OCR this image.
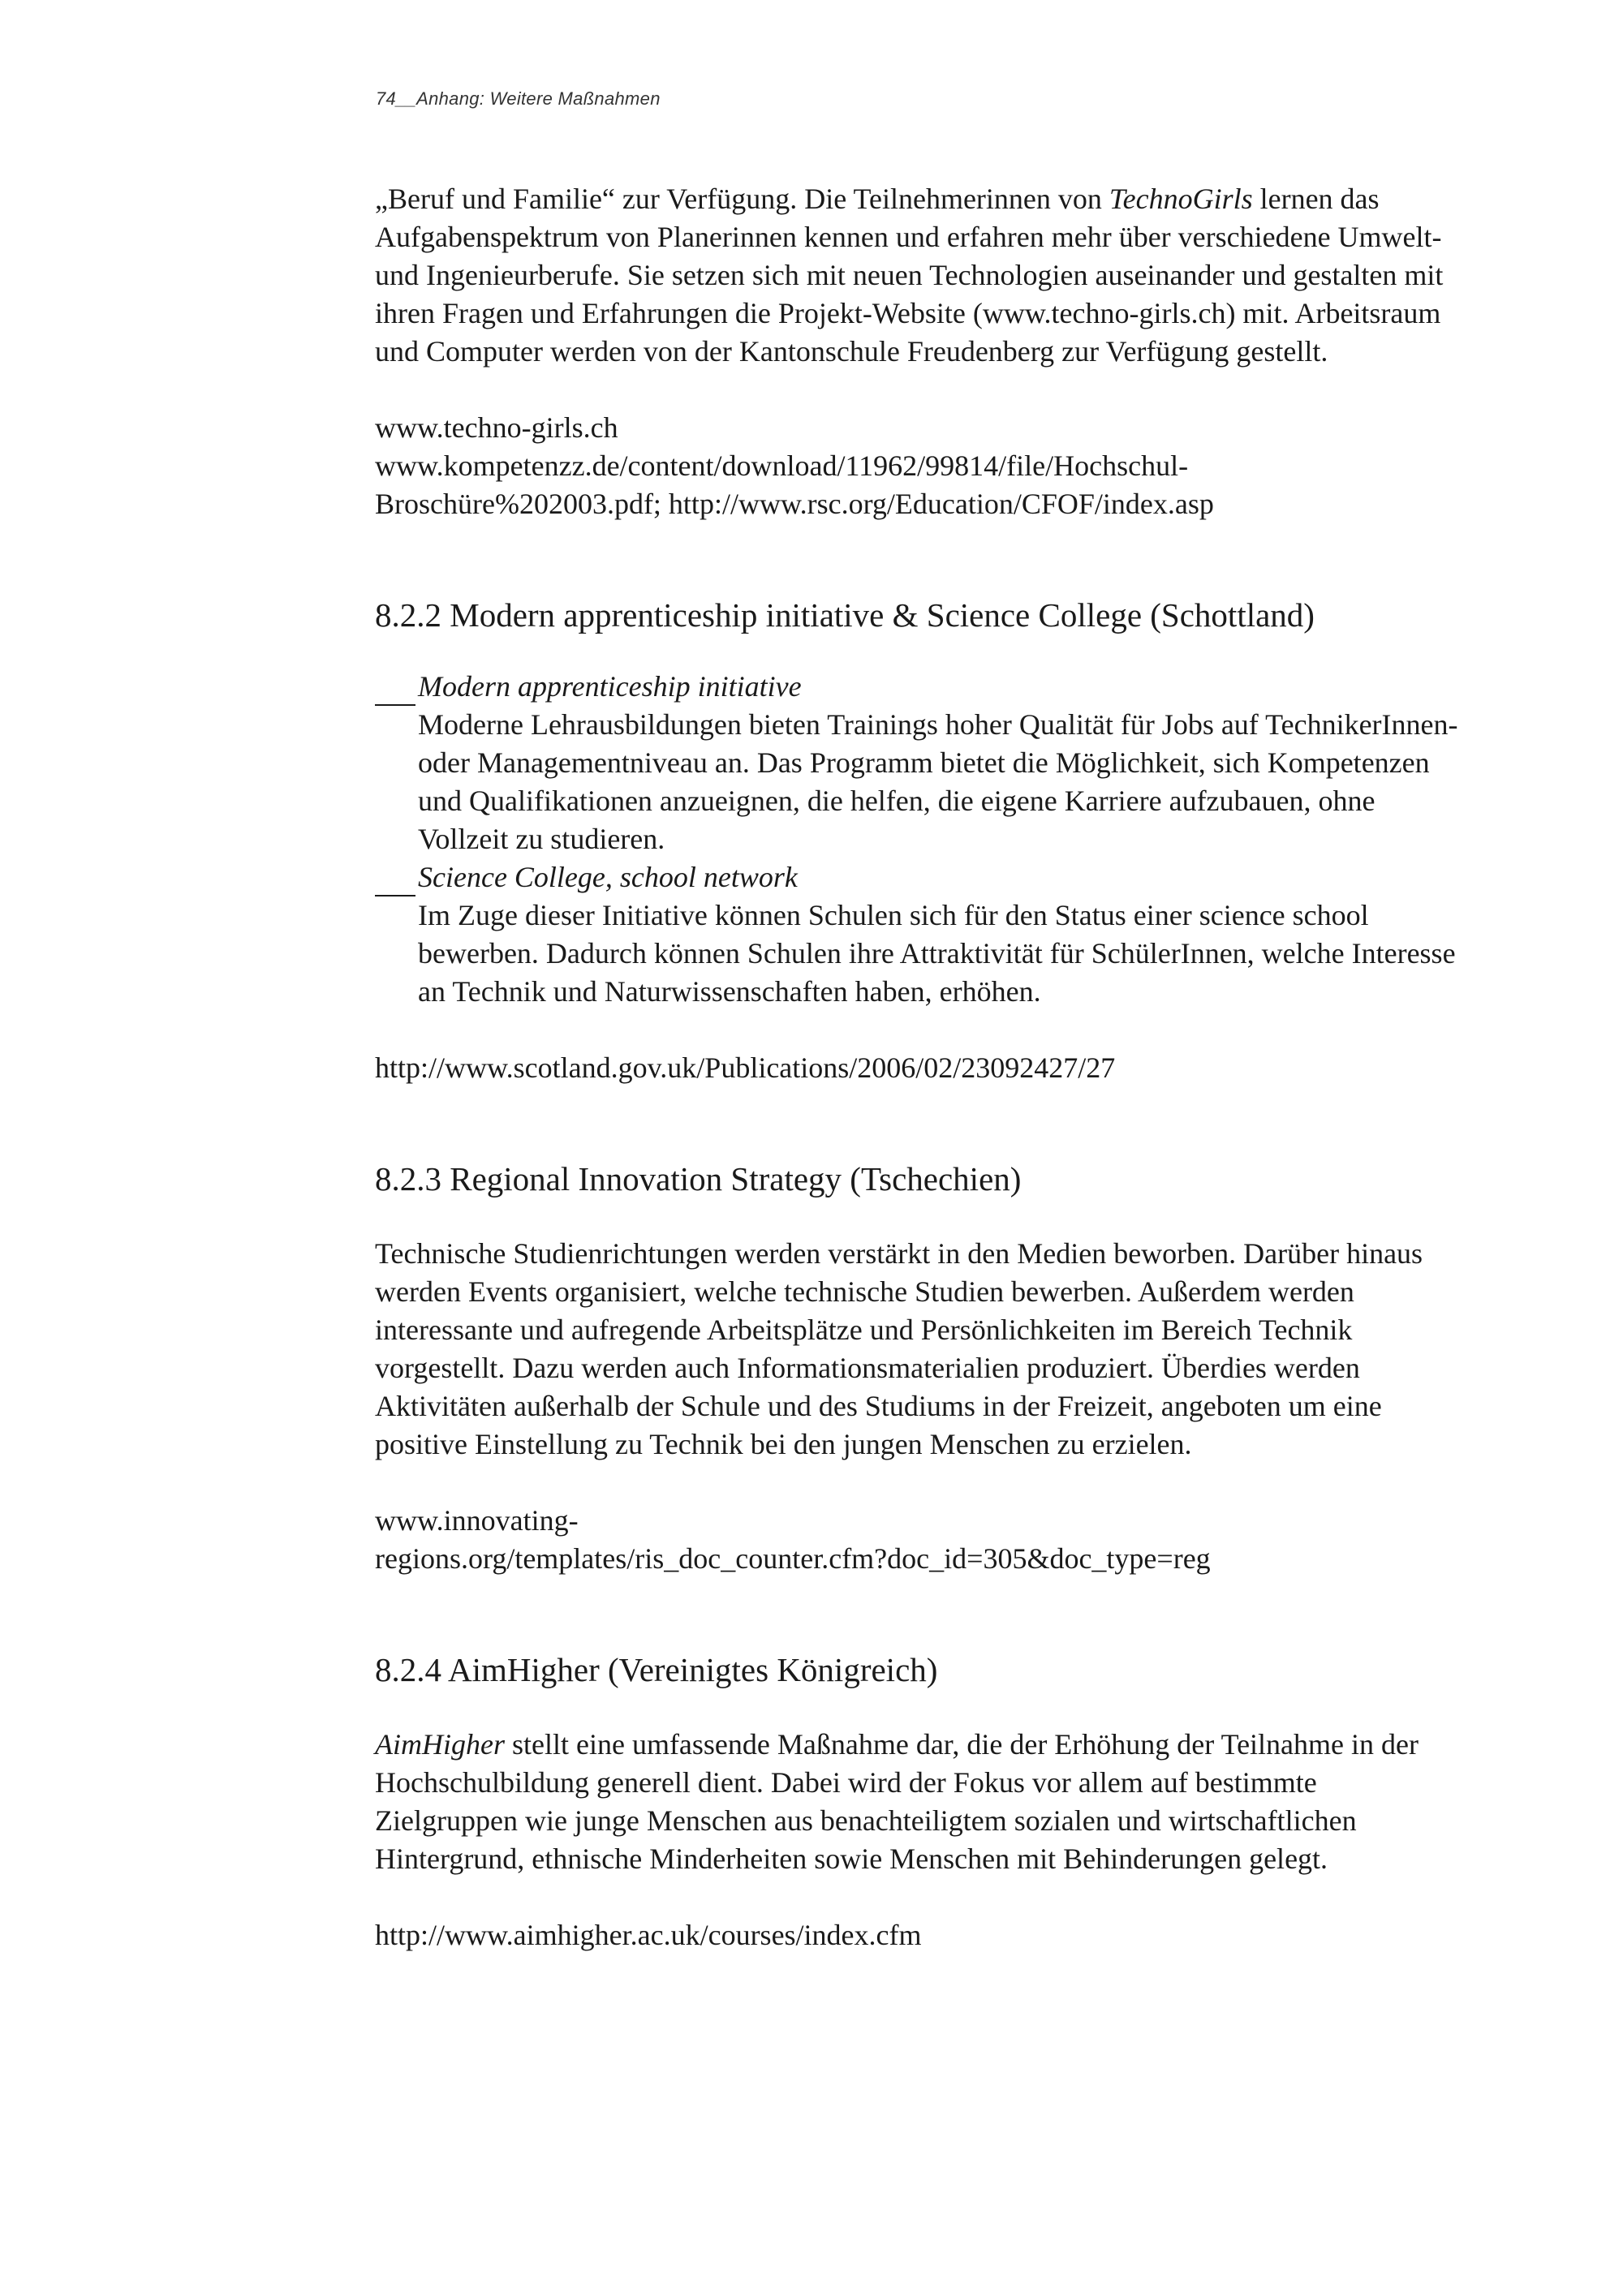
74__Anhang: Weitere Maßnahmen

„Beruf und Familie“ zur Verfügung. Die Teilnehmerinnen von TechnoGirls lernen das Aufgabenspektrum von Planerinnen kennen und erfahren mehr über verschiedene Umwelt- und Ingenieurberufe. Sie setzen sich mit neuen Technologien auseinander und gestalten mit ihren Fragen und Erfahrungen die Projekt-Website (www.techno-girls.ch) mit. Arbeitsraum und Computer werden von der Kantonschule Freudenberg zur Verfügung gestellt.

www.techno-girls.ch
www.kompetenzz.de/content/download/11962/99814/file/Hochschul-
Broschüre%202003.pdf; http://www.rsc.org/Education/CFOF/index.asp
8.2.2 Modern apprenticeship initiative & Science College (Schottland)
Modern apprenticeship initiative
Moderne Lehrausbildungen bieten Trainings hoher Qualität für Jobs auf TechnikerInnen- oder Managementniveau an. Das Programm bietet die Möglichkeit, sich Kompetenzen und Qualifikationen anzueignen, die helfen, die eigene Karriere aufzubauen, ohne Vollzeit zu studieren.
Science College, school network
Im Zuge dieser Initiative können Schulen sich für den Status einer science school bewerben. Dadurch können Schulen ihre Attraktivität für SchülerInnen, welche Interesse an Technik und Naturwissenschaften haben, erhöhen.
http://www.scotland.gov.uk/Publications/2006/02/23092427/27
8.2.3 Regional Innovation Strategy (Tschechien)

Technische Studienrichtungen werden verstärkt in den Medien beworben. Darüber hinaus werden Events organisiert, welche technische Studien bewerben. Außerdem werden interessante und aufregende Arbeitsplätze und Persönlichkeiten im Bereich Technik vorgestellt. Dazu werden auch Informationsmaterialien produziert. Überdies werden Aktivitäten außerhalb der Schule und des Studiums in der Freizeit, angeboten um eine positive Einstellung zu Technik bei den jungen Menschen zu erzielen.

www.innovating-
regions.org/templates/ris_doc_counter.cfm?doc_id=305&doc_type=reg
8.2.4 AimHigher (Vereinigtes Königreich)

AimHigher stellt eine umfassende Maßnahme dar, die der Erhöhung der Teilnahme in der Hochschulbildung generell dient. Dabei wird der Fokus vor allem auf bestimmte Zielgruppen wie junge Menschen aus benachteiligtem sozialen und wirtschaftlichen Hintergrund, ethnische Minderheiten sowie Menschen mit Behinderungen gelegt.

http://www.aimhigher.ac.uk/courses/index.cfm
